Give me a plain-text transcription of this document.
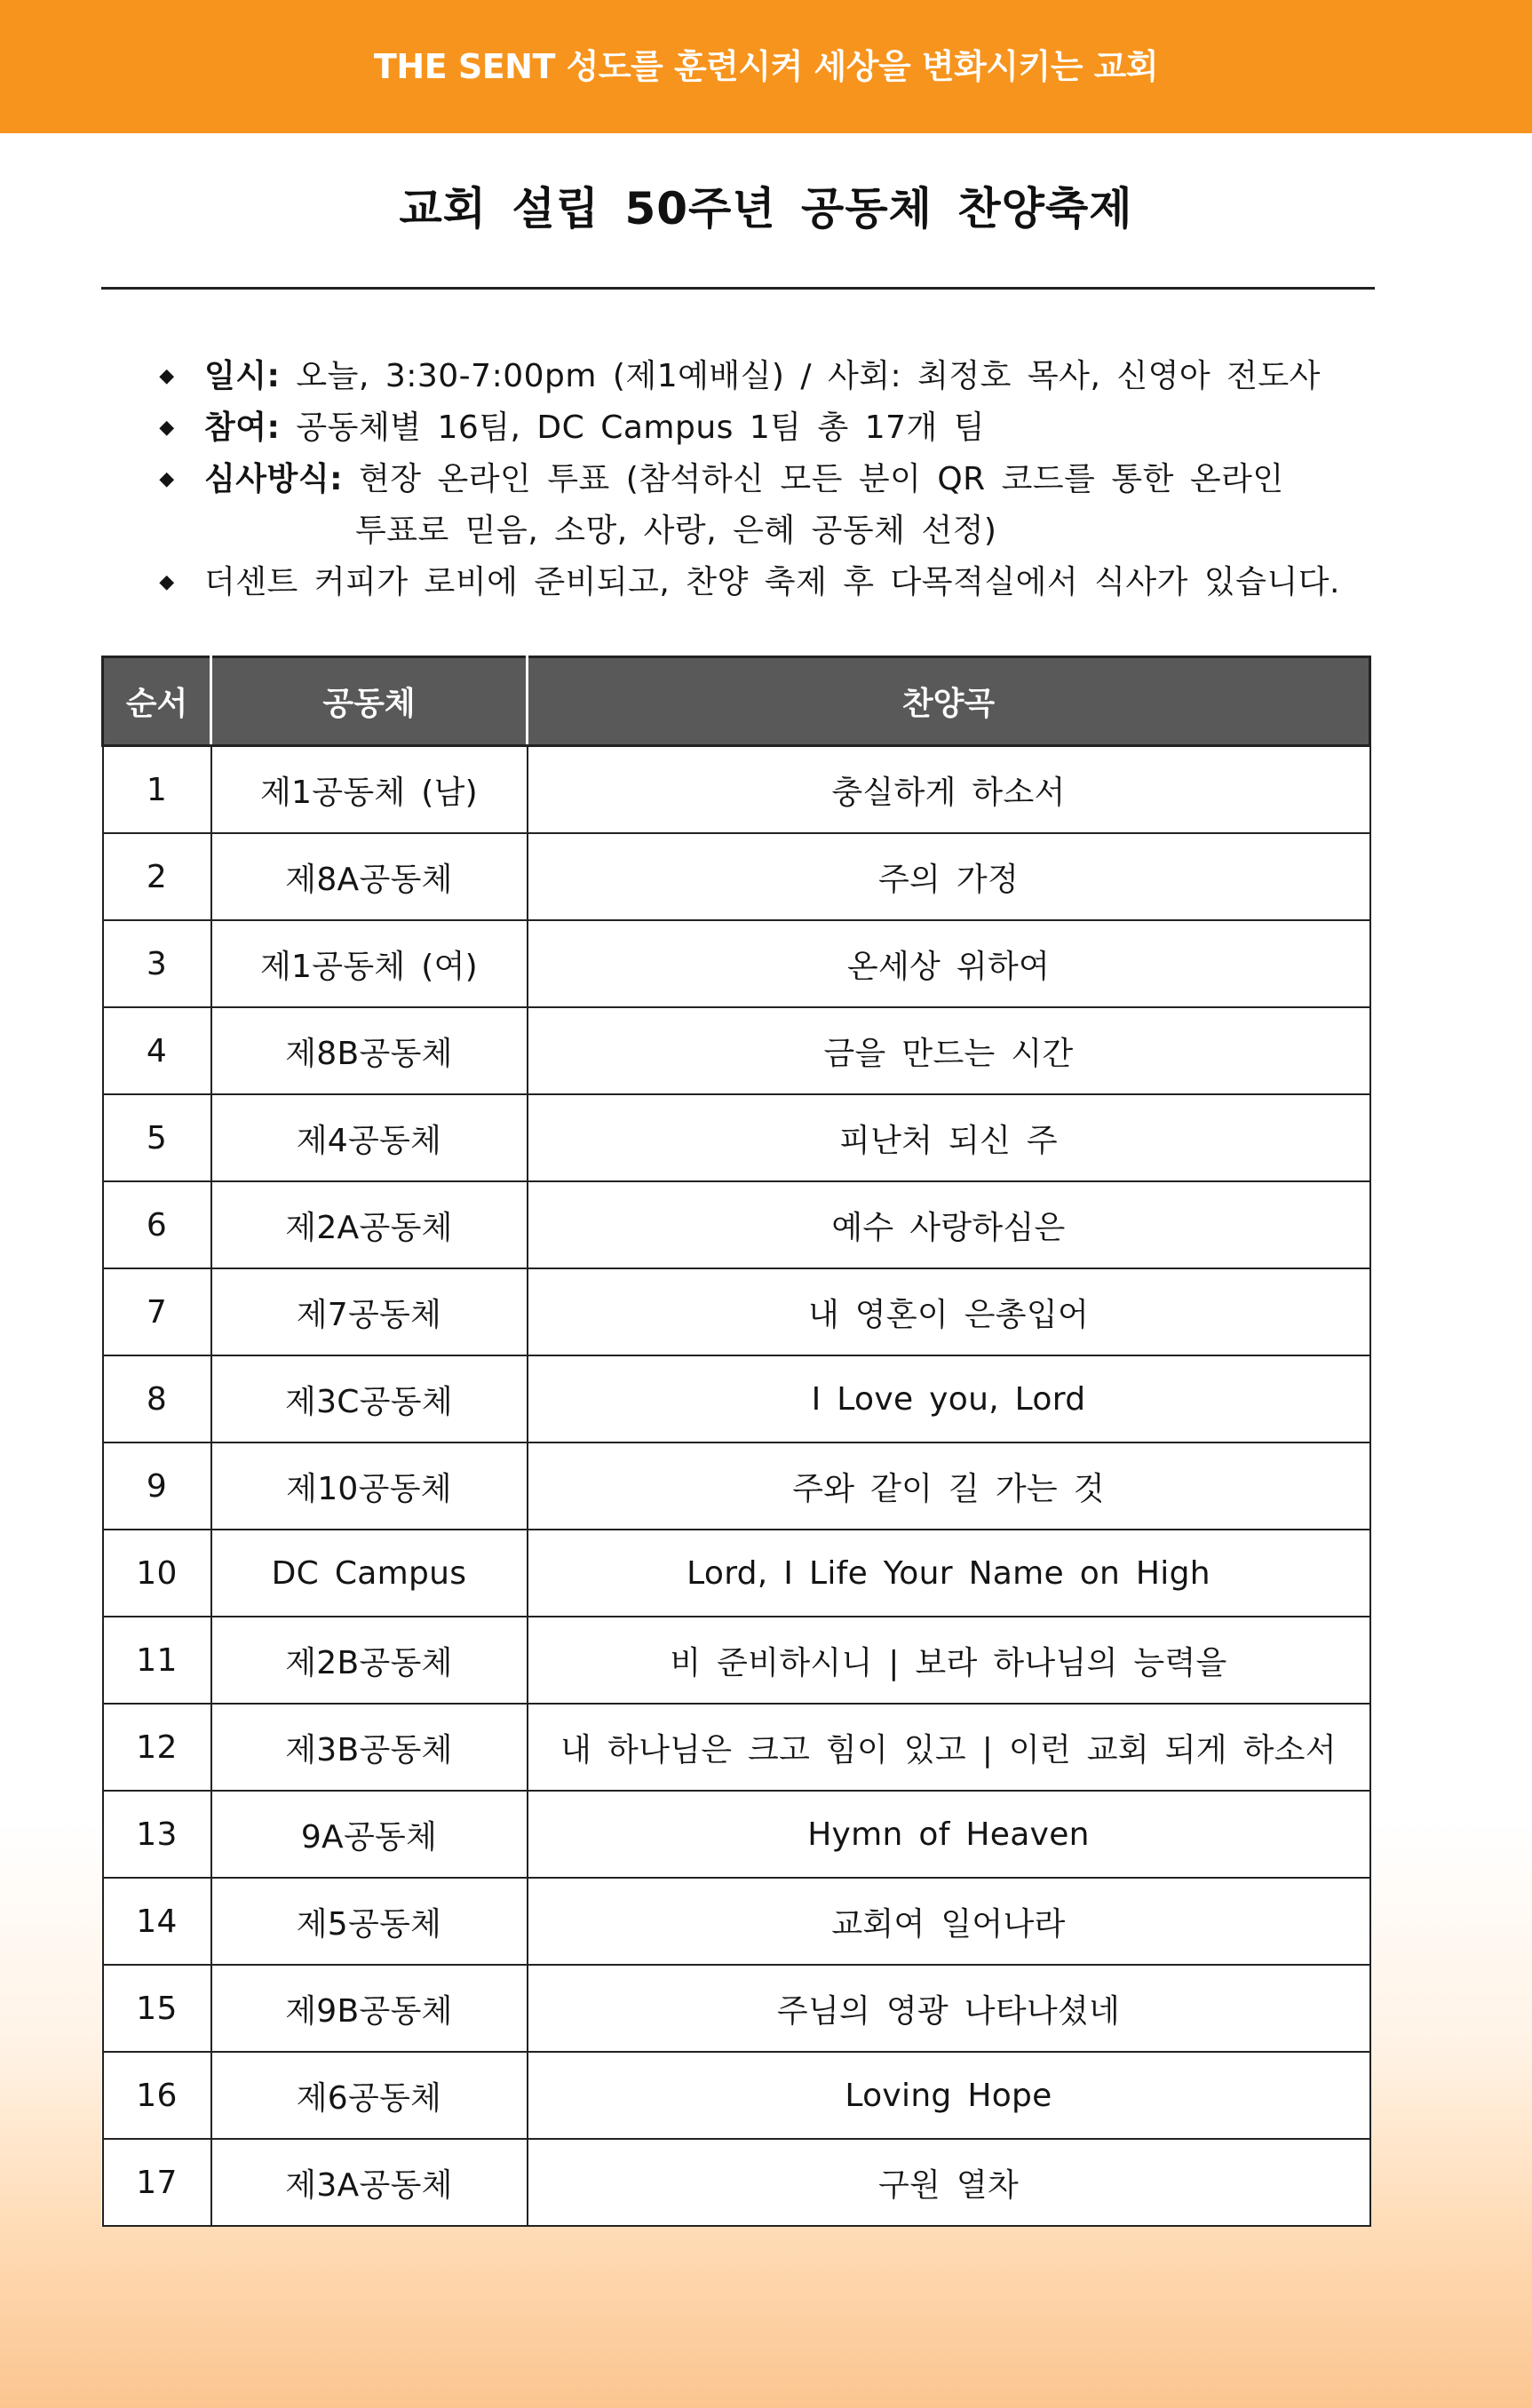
THE SENT 성도를 훈련시켜 세상을 변화시키는 교회
교회 설립 50주년 공동체 찬양축제
◆ 일시: 오늘, 3:30-7:00pm (제1예배실) / 사회: 최정호 목사, 신영아 전도사
◆ 참여: 공동체별 16팀, DC Campus 1팀 총 17개 팀
◆ 심사방식: 현장 온라인 투표 (참석하신 모든 분이 QR 코드를 통한 온라인
투표로 믿음, 소망, 사랑, 은혜 공동체 선정)
◆ 더센트 커피가 로비에 준비되고, 찬양 축제 후 다목적실에서 식사가 있습니다.
순서	공동체	찬양곡
1	제1공동체 (남)	충실하게 하소서
2	제8A공동체	주의 가정
3	제1공동체 (여)	온세상 위하여
4	제8B공동체	금을 만드는 시간
5	제4공동체	피난처 되신 주
6	제2A공동체	예수 사랑하심은
7	제7공동체	내 영혼이 은총입어
8	제3C공동체	I Love you, Lord
9	제10공동체	주와 같이 길 가는 것
10	DC Campus	Lord, I Life Your Name on High
11	제2B공동체	비 준비하시니 | 보라 하나님의 능력을
12	제3B공동체	내 하나님은 크고 힘이 있고 | 이런 교회 되게 하소서
13	9A공동체	Hymn of Heaven
14	제5공동체	교회여 일어나라
15	제9B공동체	주님의 영광 나타나셨네
16	제6공동체	Loving Hope
17	제3A공동체	구원 열차
